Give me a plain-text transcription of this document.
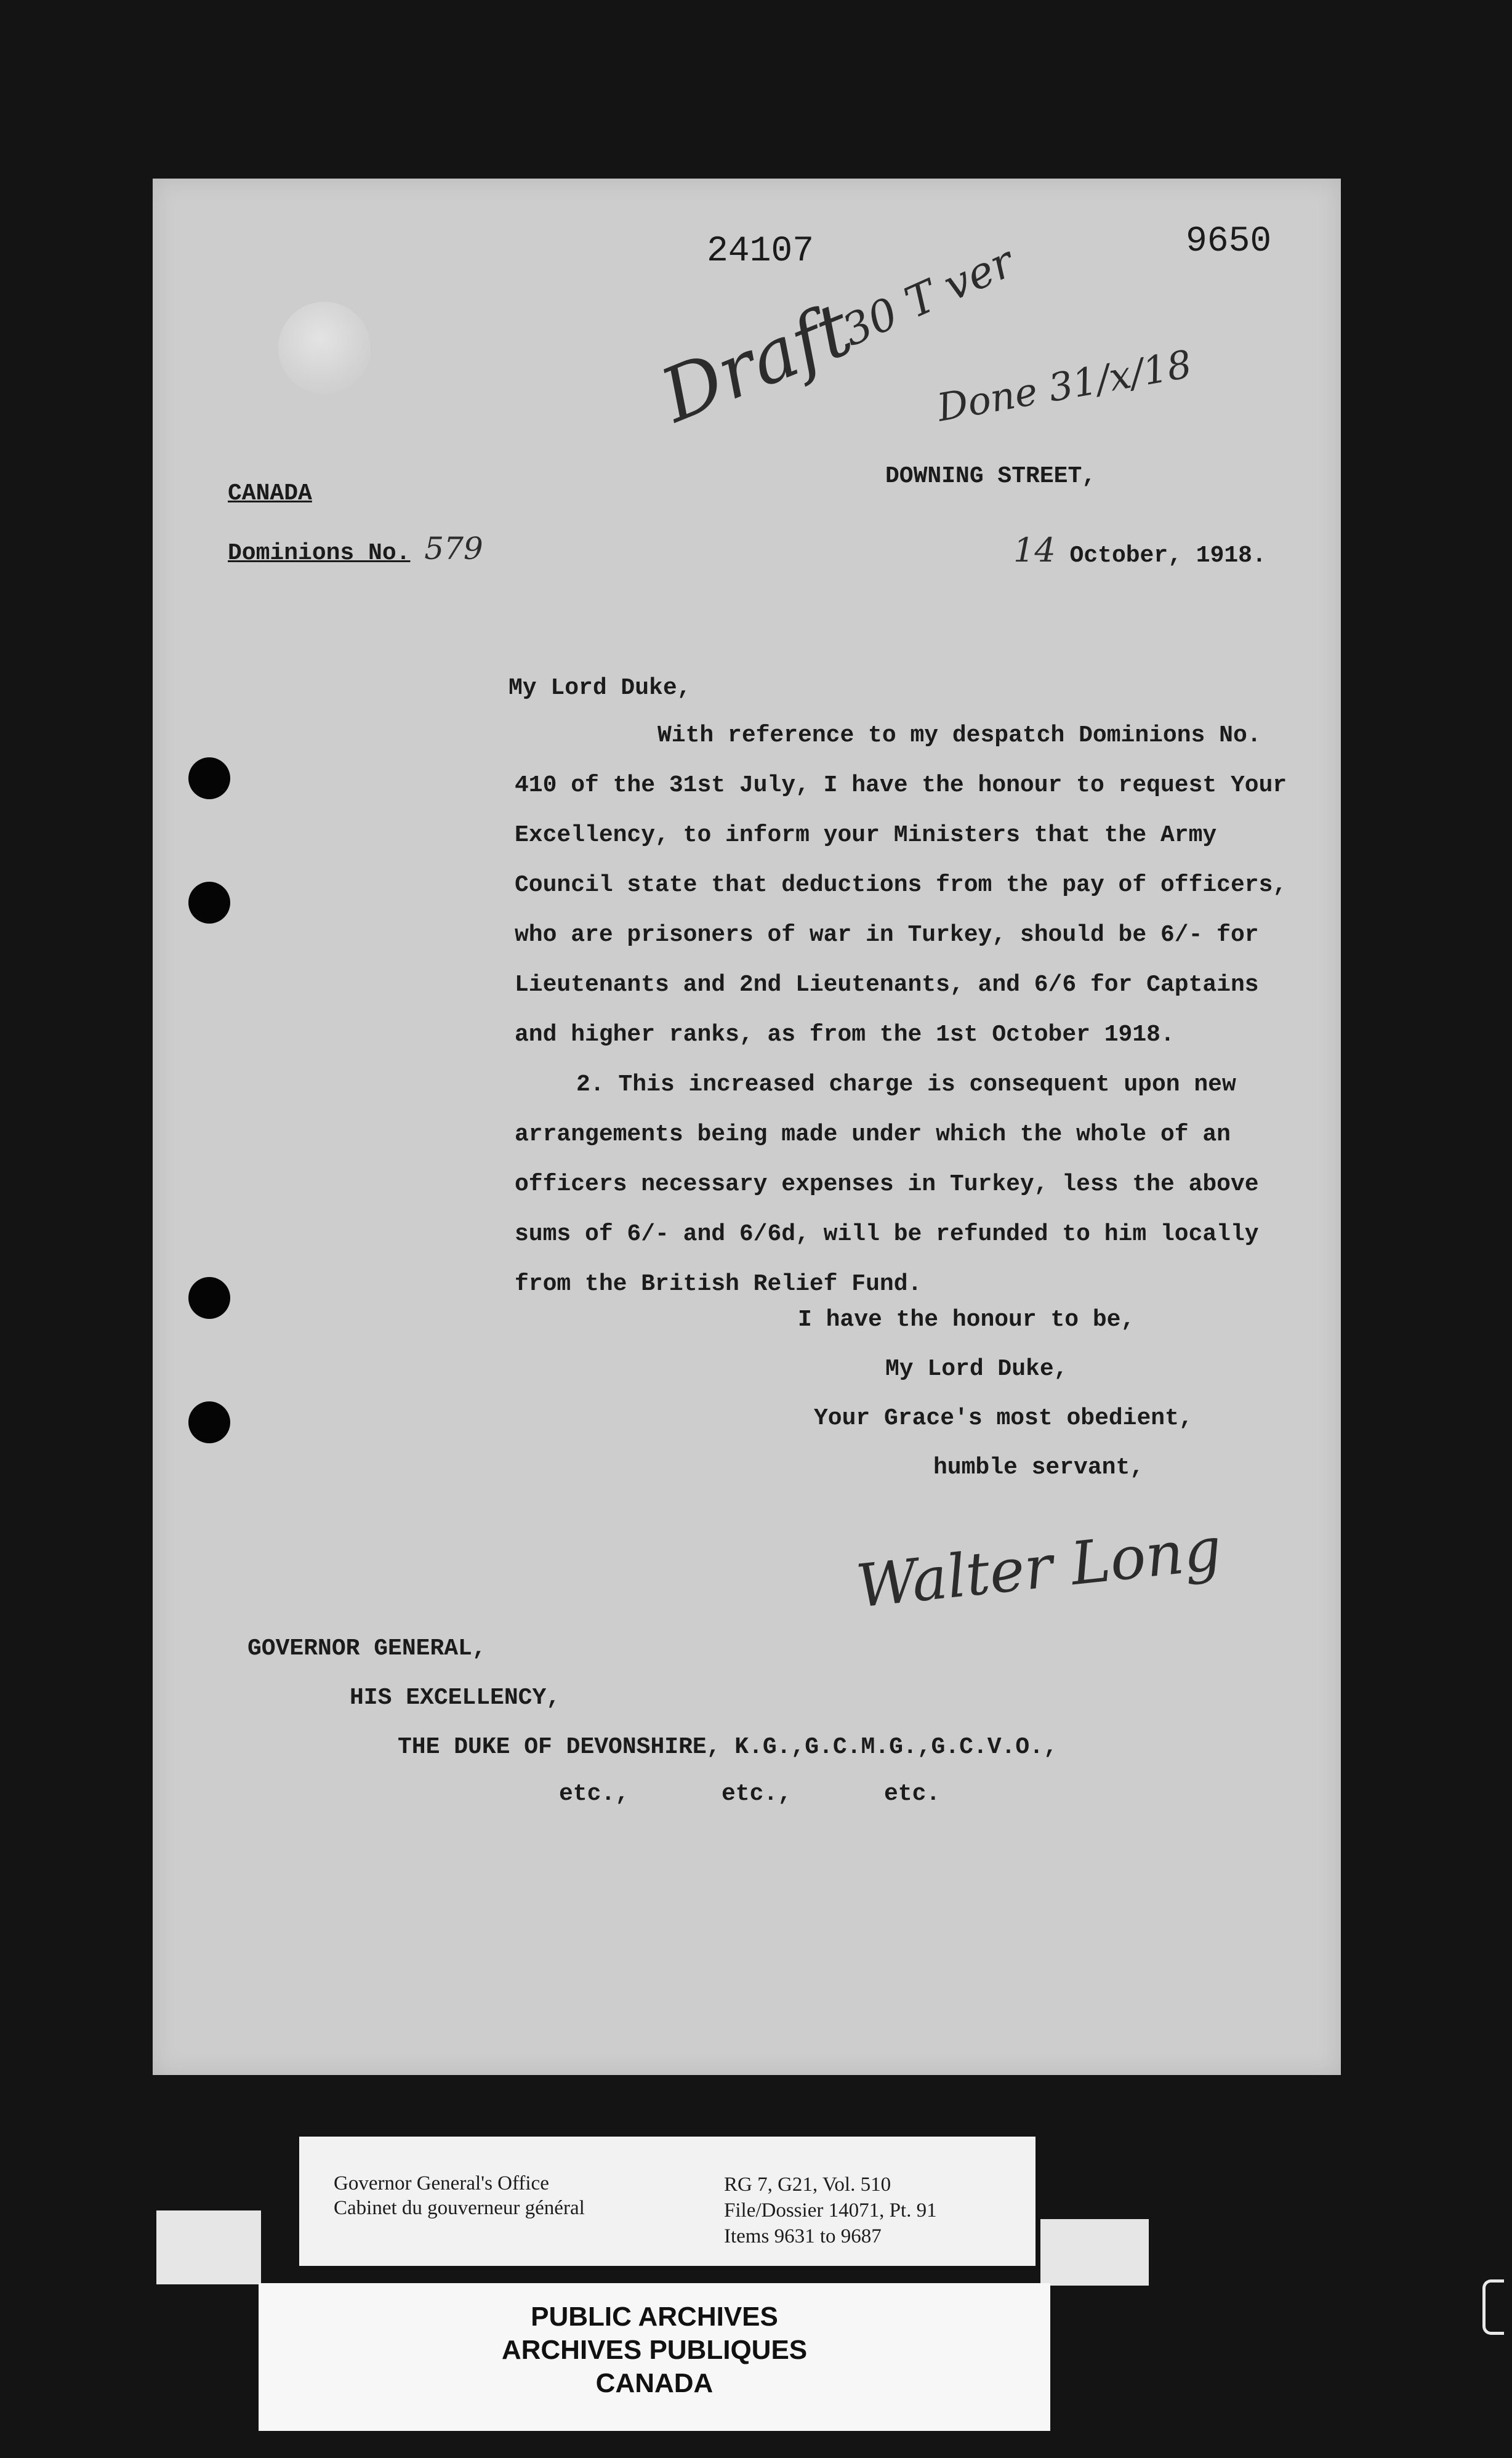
24107	9650
Draft
30 T ver
Done 31/x/18
CANADA
Dominions No. 579
DOWNING STREET,
14 October, 1918.
My Lord Duke,
With reference to my despatch Dominions No.
410 of the 31st July, I have the honour to request Your
Excellency, to inform your Ministers that the Army
Council state that deductions from the pay of officers,
who are prisoners of war in Turkey, should be 6/- for
Lieutenants and 2nd Lieutenants, and 6/6 for Captains
and higher ranks, as from the 1st October 1918.
2. This increased charge is consequent upon new
arrangements being made under which the whole of an
officers necessary expenses in Turkey, less the above
sums of 6/- and 6/6d, will be refunded to him locally
from the British Relief Fund.
I have the honour to be,
My Lord Duke,
Your Grace's most obedient,
humble servant,
Walter Long
GOVERNOR GENERAL,
HIS EXCELLENCY,
THE DUKE OF DEVONSHIRE, K.G.,G.C.M.G.,G.C.V.O.,
etc.,	etc.,	etc.
Governor General's Office
Cabinet du gouverneur général
RG 7, G21, Vol. 510
File/Dossier 14071, Pt. 91
Items 9631 to 9687
PUBLIC ARCHIVES
ARCHIVES PUBLIQUES
CANADA
